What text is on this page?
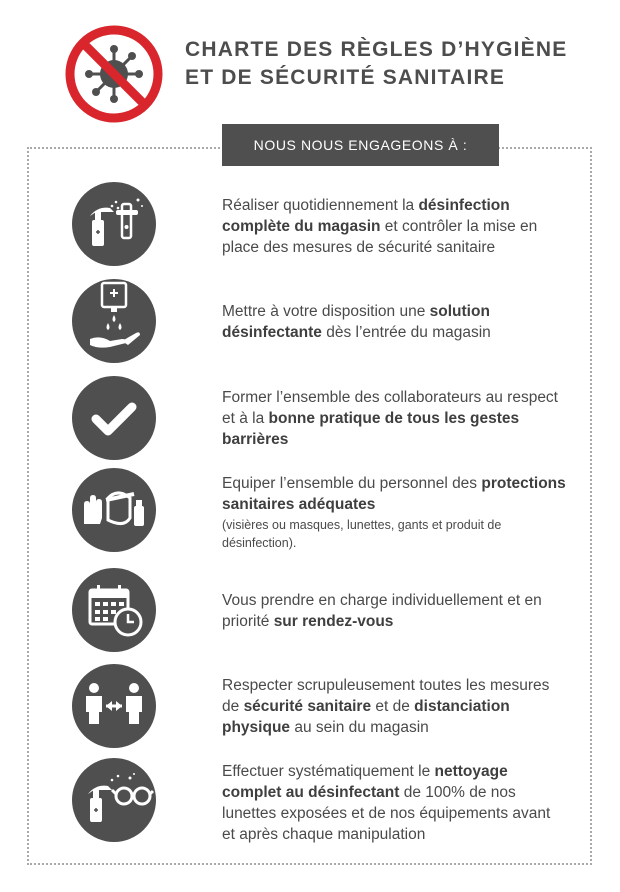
CHARTE DES RÈGLES D’HYGIÈNE
ET DE SÉCURITÉ SANITAIRE
NOUS NOUS ENGAGEONS À :
Réaliser quotidiennement la désinfection complète du magasin et contrôler la mise en place des mesures de sécurité sanitaire
Mettre à votre disposition une solution désinfectante dès l’entrée du magasin
Former l’ensemble des collaborateurs au respect et à la bonne pratique de tous les gestes barrières
Equiper l’ensemble du personnel des protections sanitaires adéquates
(visières ou masques, lunettes, gants et produit de désinfection).
Vous prendre en charge individuellement et en priorité sur rendez-vous
Respecter scrupuleusement toutes les mesures de sécurité sanitaire et de distanciation physique au sein du magasin
Effectuer systématiquement le nettoyage complet au désinfectant de 100% de nos lunettes exposées et de nos équipements avant et après chaque manipulation
